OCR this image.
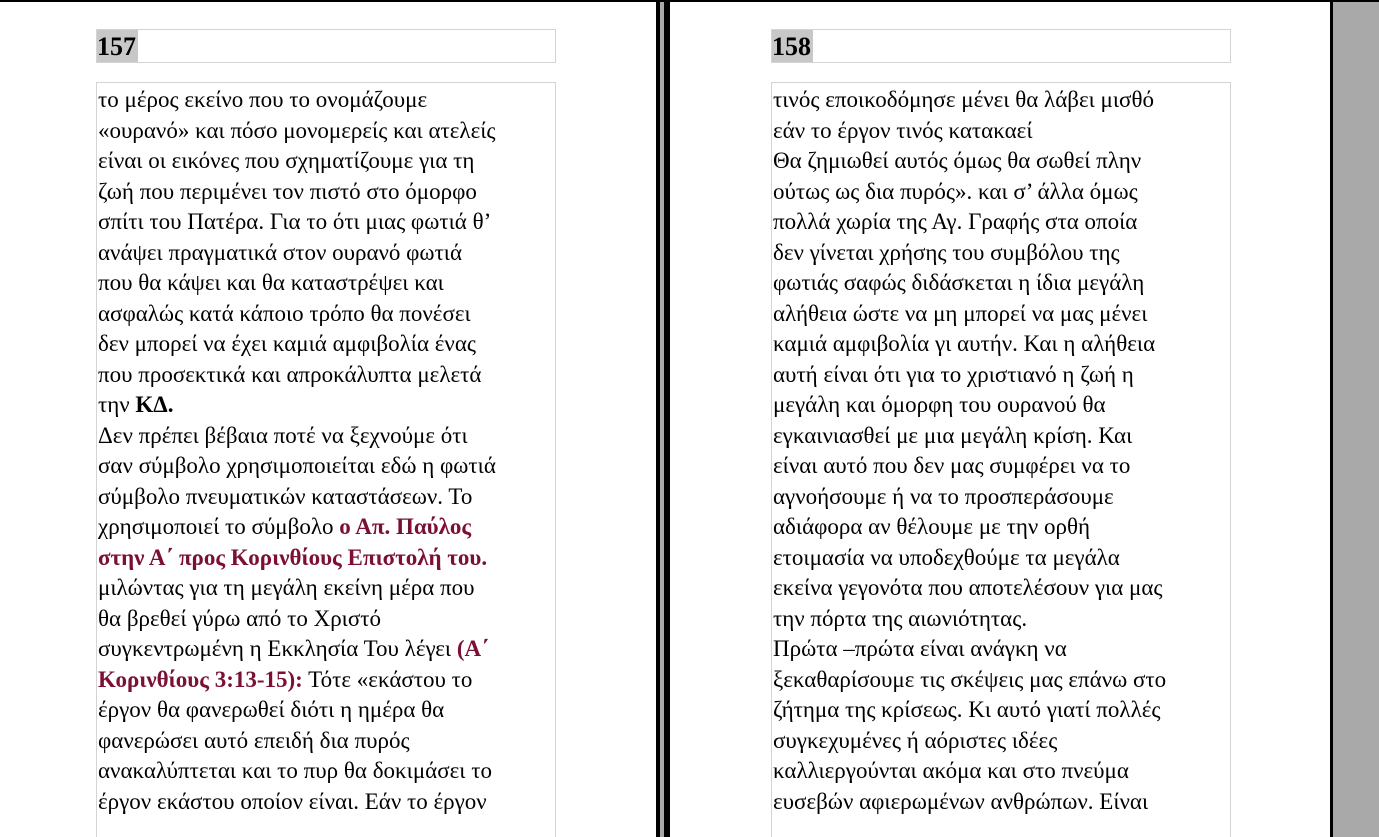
157
το μέρος εκείνο που το ονομάζουμε
«ουρανό» και πόσο μονομερείς και ατελείς
είναι οι εικόνες που σχηματίζουμε για τη
ζωή που περιμένει τον πιστό στο όμορφο
σπίτι του Πατέρα. Για το ότι μιας φωτιά θ’
ανάψει πραγματικά στον ουρανό φωτιά
που θα κάψει και θα καταστρέψει και
ασφαλώς κατά κάποιο τρόπο θα πονέσει
δεν μπορεί να έχει καμιά αμφιβολία ένας
που προσεκτικά και απροκάλυπτα μελετά
την ΚΔ.
Δεν πρέπει βέβαια ποτέ να ξεχνούμε ότι
σαν σύμβολο χρησιμοποιείται εδώ η φωτιά
σύμβολο πνευματικών καταστάσεων. Το
χρησιμοποιεί το σύμβολο ο Απ. Παύλος
στην Α΄ προς Κορινθίους Επιστολή του.
μιλώντας για τη μεγάλη εκείνη μέρα που
θα βρεθεί γύρω από το Χριστό
συγκεντρωμένη η Εκκλησία Του λέγει (Α΄
Κορινθίους 3:13-15): Τότε «εκάστου το
έργον θα φανερωθεί διότι η ημέρα θα
φανερώσει αυτό επειδή δια πυρός
ανακαλύπτεται και το πυρ θα δοκιμάσει το
έργον εκάστου οποίον είναι. Εάν το έργον
158
τινός εποικοδόμησε μένει θα λάβει μισθό
εάν το έργον τινός κατακαεί
Θα ζημιωθεί αυτός όμως θα σωθεί πλην
ούτως ως δια πυρός». και σ’ άλλα όμως
πολλά χωρία της Αγ. Γραφής στα οποία
δεν γίνεται χρήσης του συμβόλου της
φωτιάς σαφώς διδάσκεται η ίδια μεγάλη
αλήθεια ώστε να μη μπορεί να μας μένει
καμιά αμφιβολία γι αυτήν. Και η αλήθεια
αυτή είναι ότι για το χριστιανό η ζωή η
μεγάλη και όμορφη του ουρανού θα
εγκαινιασθεί με μια μεγάλη κρίση. Και
είναι αυτό που δεν μας συμφέρει να το
αγνοήσουμε ή να το προσπεράσουμε
αδιάφορα αν θέλουμε με την ορθή
ετοιμασία να υποδεχθούμε τα μεγάλα
εκείνα γεγονότα που αποτελέσουν για μας
την πόρτα της αιωνιότητας.
Πρώτα –πρώτα είναι ανάγκη να
ξεκαθαρίσουμε τις σκέψεις μας επάνω στο
ζήτημα της κρίσεως. Κι αυτό γιατί πολλές
συγκεχυμένες ή αόριστες ιδέες
καλλιεργούνται ακόμα και στο πνεύμα
ευσεβών αφιερωμένων ανθρώπων. Είναι
